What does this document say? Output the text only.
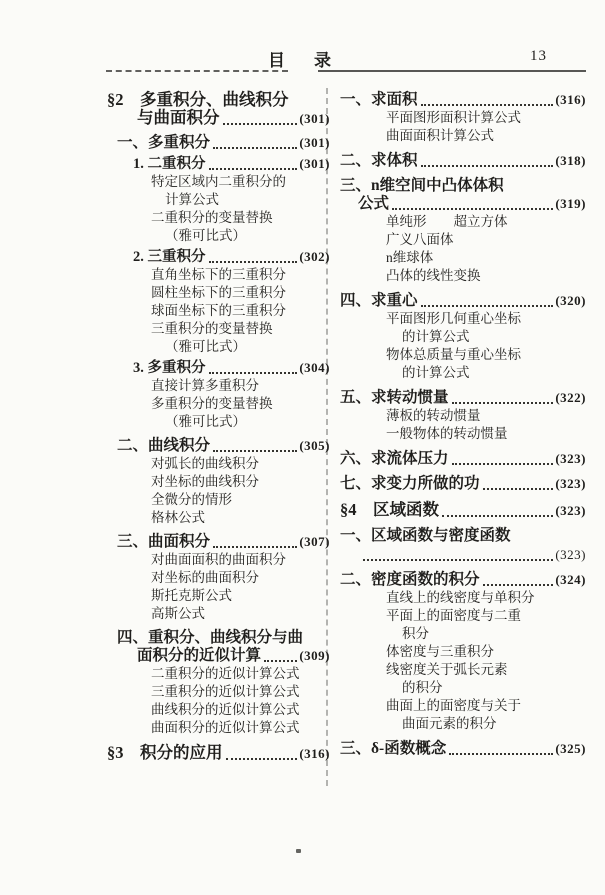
目　录	13
§2　多重积分、曲线积分
与曲面积分	(301)
一、多重积分	(301)
1. 二重积分	(301)
特定区域内二重积分的
计算公式
二重积分的变量替换
（雅可比式）
2. 三重积分	(302)
直角坐标下的三重积分
圆柱坐标下的三重积分
球面坐标下的三重积分
三重积分的变量替换
（雅可比式）
3. 多重积分	(304)
直接计算多重积分
多重积分的变量替换
（雅可比式）
二、曲线积分	(305)
对弧长的曲线积分
对坐标的曲线积分
全微分的情形
格林公式
三、曲面积分	(307)
对曲面面积的曲面积分
对坐标的曲面积分
斯托克斯公式
高斯公式
四、重积分、曲线积分与曲
面积分的近似计算	(309)
二重积分的近似计算公式
三重积分的近似计算公式
曲线积分的近似计算公式
曲面积分的近似计算公式
§3　积分的应用	(316)
一、求面积	(316)
平面图形面积计算公式
曲面面积计算公式
二、求体积	(318)
三、n维空间中凸体体积
公式	(319)
单纯形　　超立方体
广义八面体
n维球体
凸体的线性变换
四、求重心	(320)
平面图形几何重心坐标
的计算公式
物体总质量与重心坐标
的计算公式
五、求转动惯量	(322)
薄板的转动惯量
一般物体的转动惯量
六、求流体压力	(323)
七、求变力所做的功	(323)
§4　区域函数	(323)
一、区域函数与密度函数
(323)
二、密度函数的积分	(324)
直线上的线密度与单积分
平面上的面密度与二重
积分
体密度与三重积分
线密度关于弧长元素
的积分
曲面上的面密度与关于
曲面元素的积分
三、δ-函数概念	(325)
